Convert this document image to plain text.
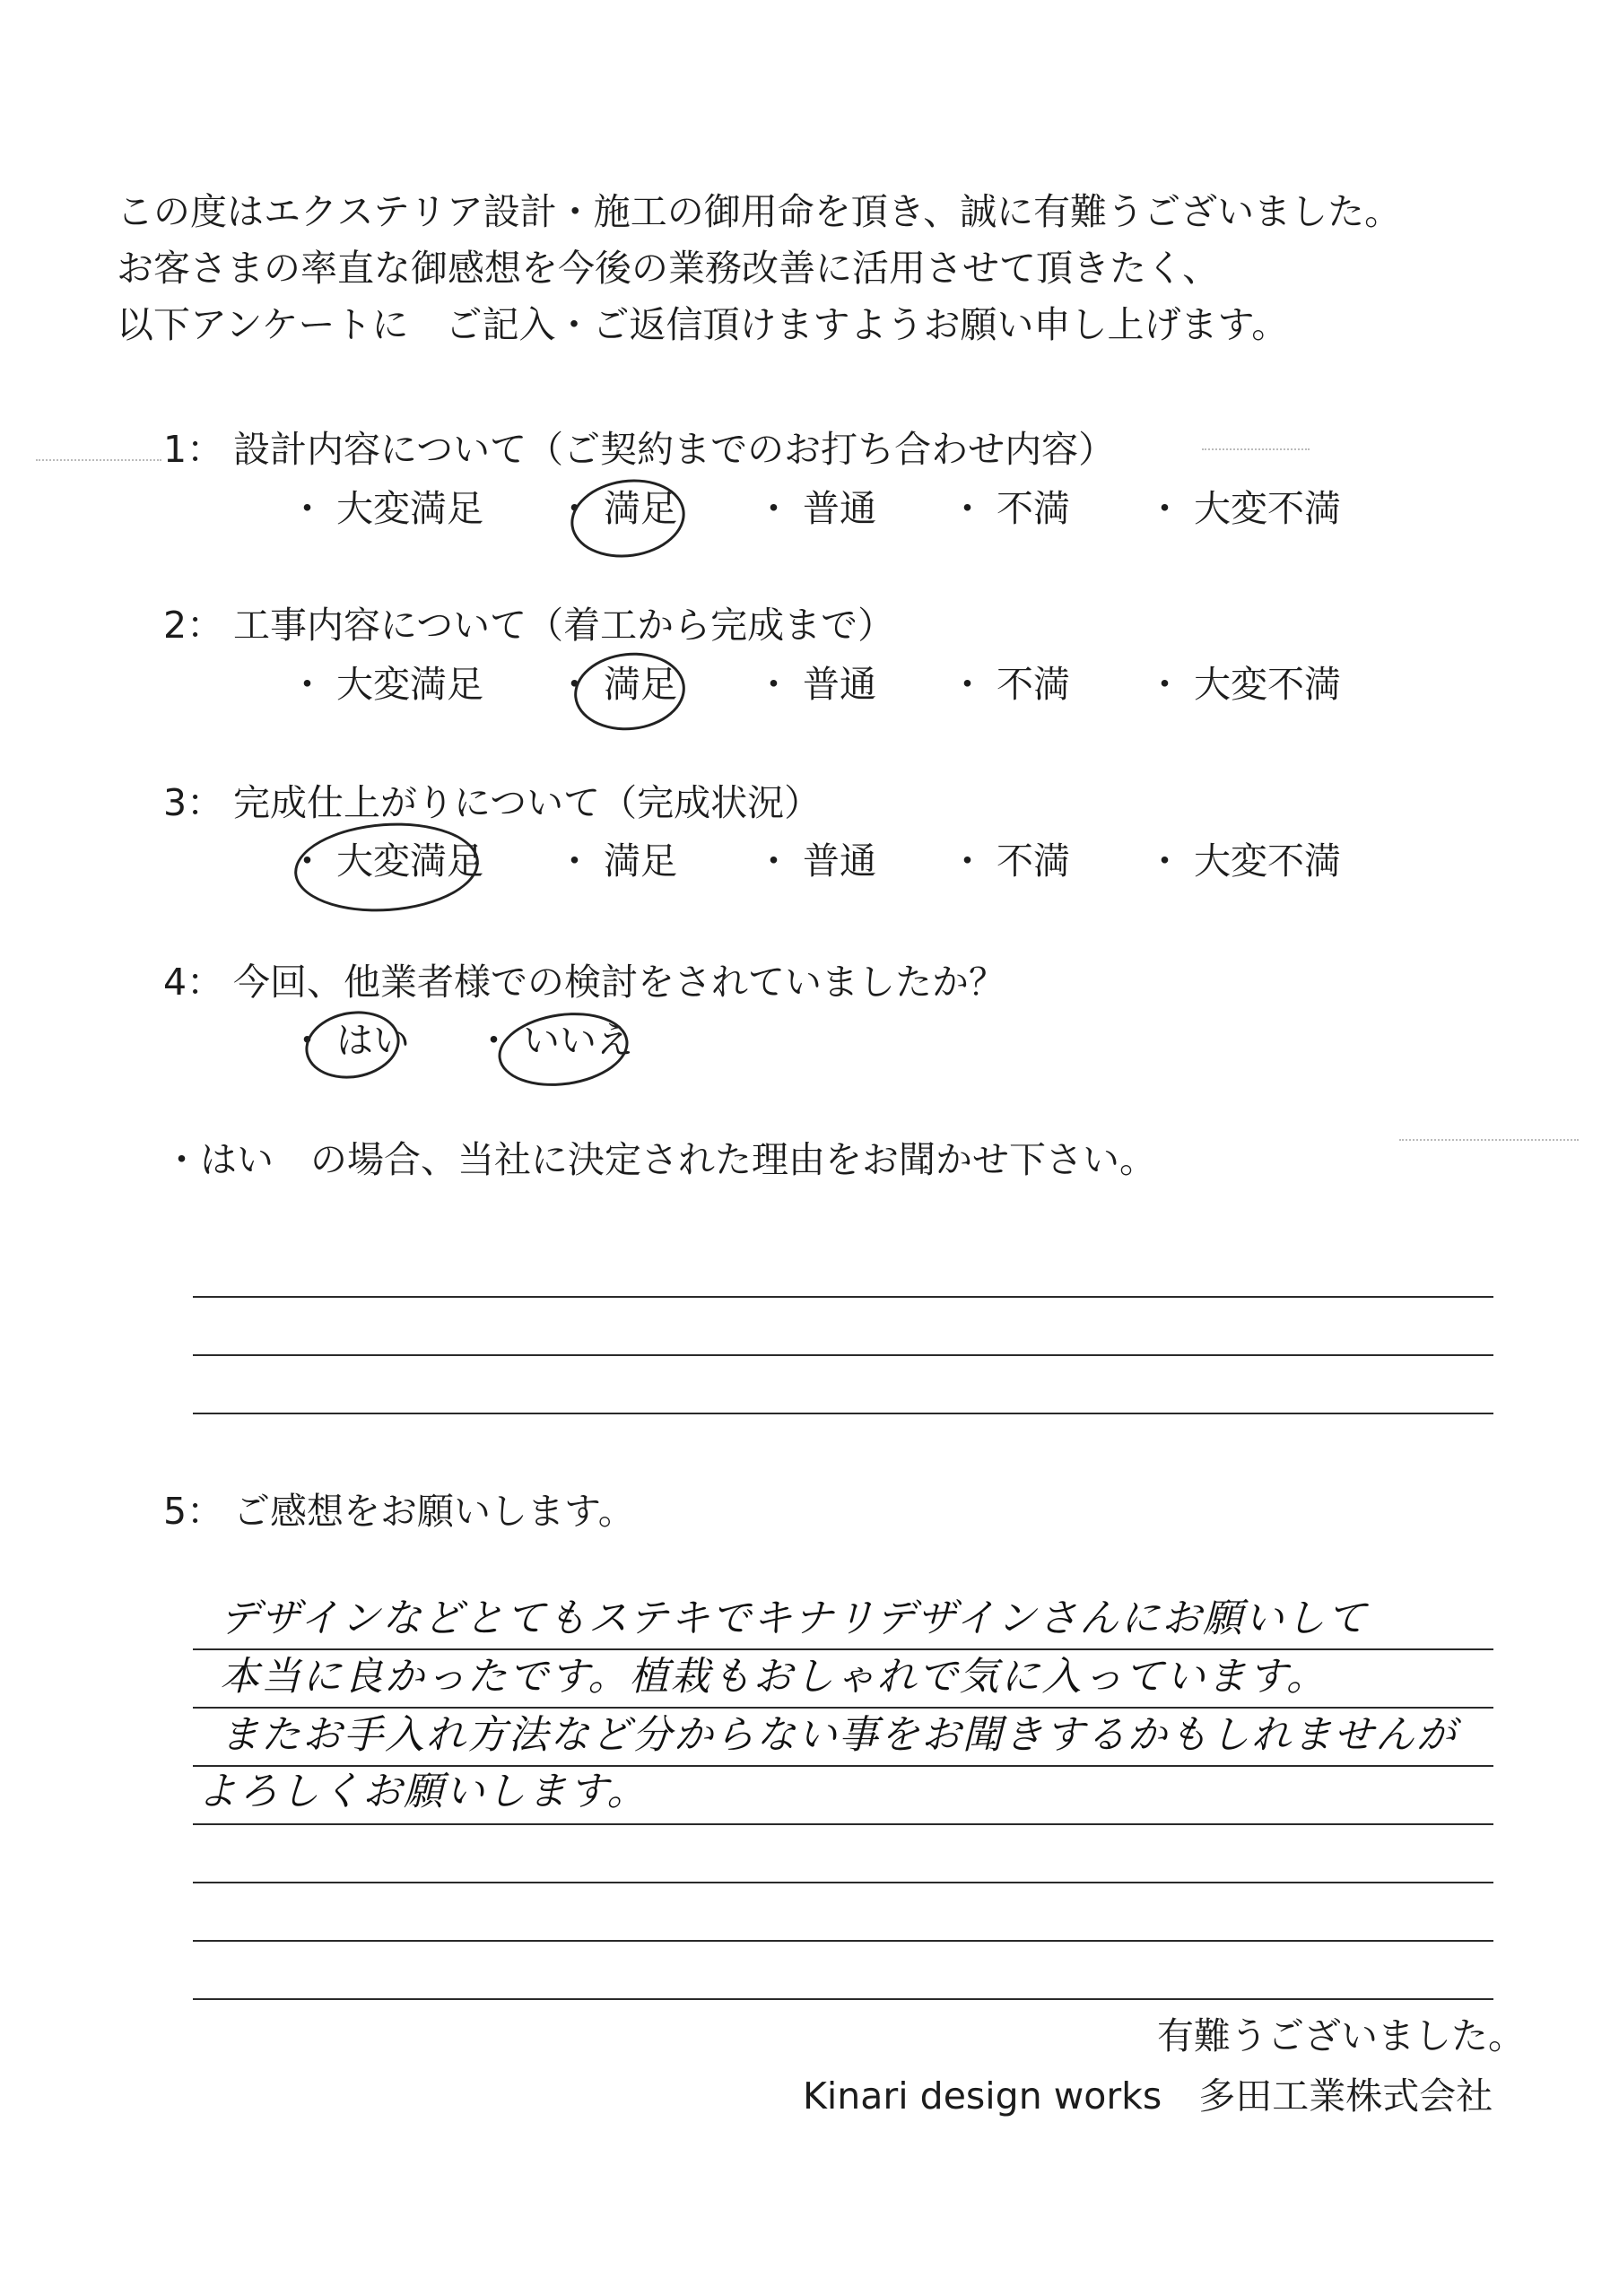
この度はエクステリア設計・施工の御用命を頂き、誠に有難うございました。

お客さまの率直な御感想を今後の業務改善に活用させて頂きたく、

以下アンケートに　ご記入・ご返信頂けますようお願い申し上げます。

1： 設計内容について（ご契約までのお打ち合わせ内容）
・ 大変満足 ・ 満足 ・ 普通 ・ 不満 ・ 大変不満
2： 工事内容について（着工から完成まで）
・ 大変満足 ・ 満足 ・ 普通 ・ 不満 ・ 大変不満
3： 完成仕上がりについて（完成状況）
・ 大変満足 ・ 満足 ・ 普通 ・ 不満 ・ 大変不満
4： 今回、他業者様での検討をされていましたか？
・ はい ・ いいえ
・はい　の場合、当社に決定された理由をお聞かせ下さい。
5： ご感想をお願いします。
デザインなどとてもステキでキナリデザインさんにお願いして
本当に良かったです。植栽もおしゃれで気に入っています。
またお手入れ方法など分からない事をお聞きするかもしれませんが
よろしくお願いします。
有難うございました。
Kinari design works　多田工業株式会社
